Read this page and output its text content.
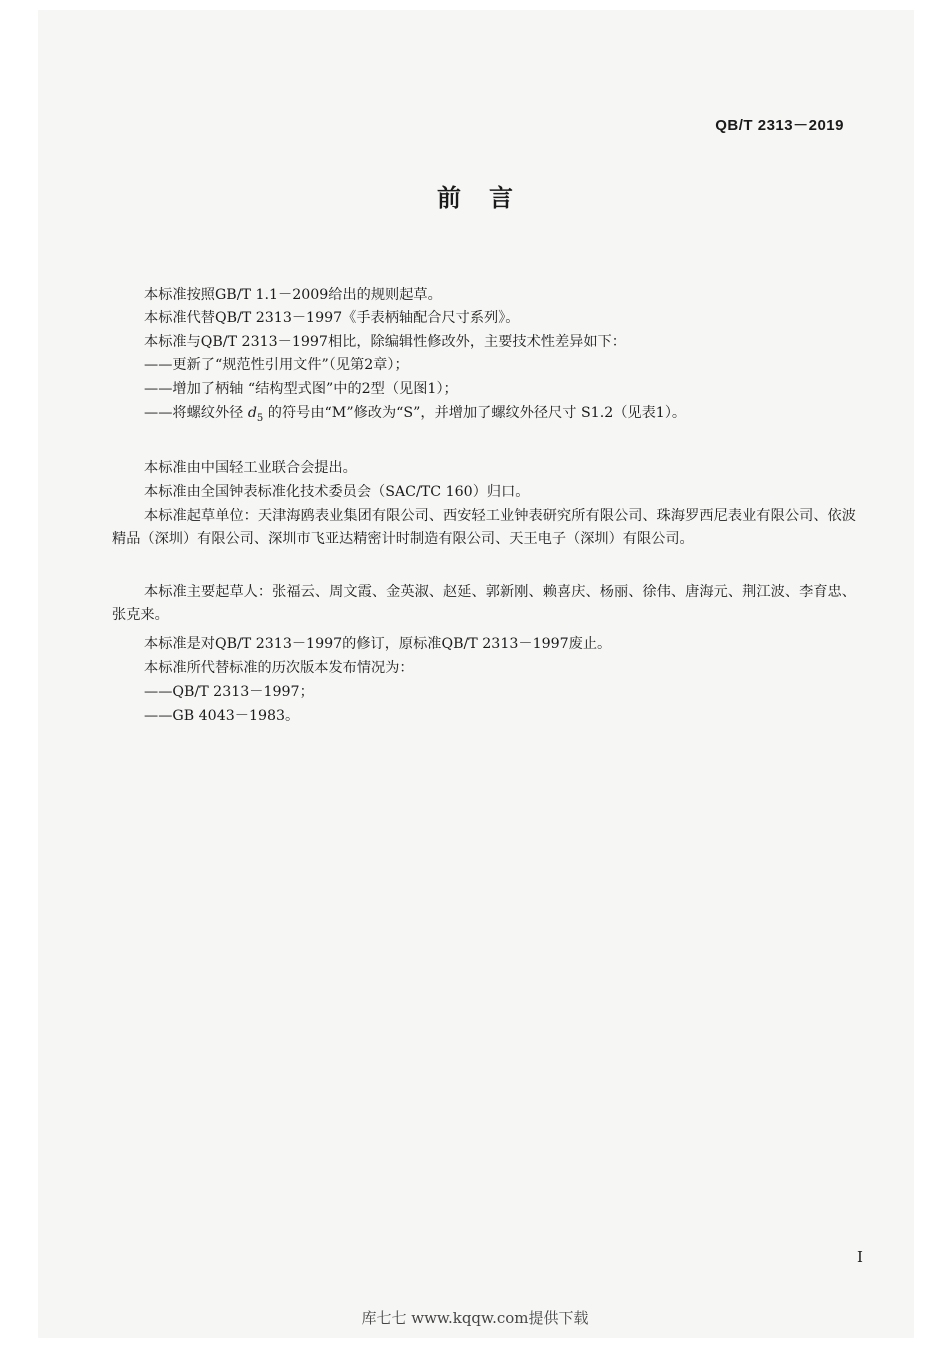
QB/T 2313－2019
前言

本标准按照GB/T 1.1－2009给出的规则起草。

本标准代替QB/T 2313－1997《手表柄轴配合尺寸系列》。

本标准与QB/T 2313－1997相比，除编辑性修改外，主要技术性差异如下：

——更新了“规范性引用文件”（见第2章）；

——增加了柄轴 “结构型式图”中的2型（见图1）；

——将螺纹外径 $d_5$ 的符号由“M”修改为“S”，并增加了螺纹外径尺寸 S1.2（见表1）。

本标准由中国轻工业联合会提出。

本标准由全国钟表标准化技术委员会（SAC/TC 160）归口。

本标准起草单位：天津海鸥表业集团有限公司、西安轻工业钟表研究所有限公司、珠海罗西尼表业有限公司、依波精品（深圳）有限公司、深圳市飞亚达精密计时制造有限公司、天王电子（深圳）有限公司。

本标准主要起草人：张福云、周文霞、金英淑、赵延、郭新刚、赖喜庆、杨丽、徐伟、唐海元、荆江波、李育忠、张克来。

本标准是对QB/T 2313－1997的修订，原标准QB/T 2313－1997废止。

本标准所代替标准的历次版本发布情况为：

——QB/T 2313－1997；

——GB 4043－1983。

I
库七七 www.kqqw.com提供下载
